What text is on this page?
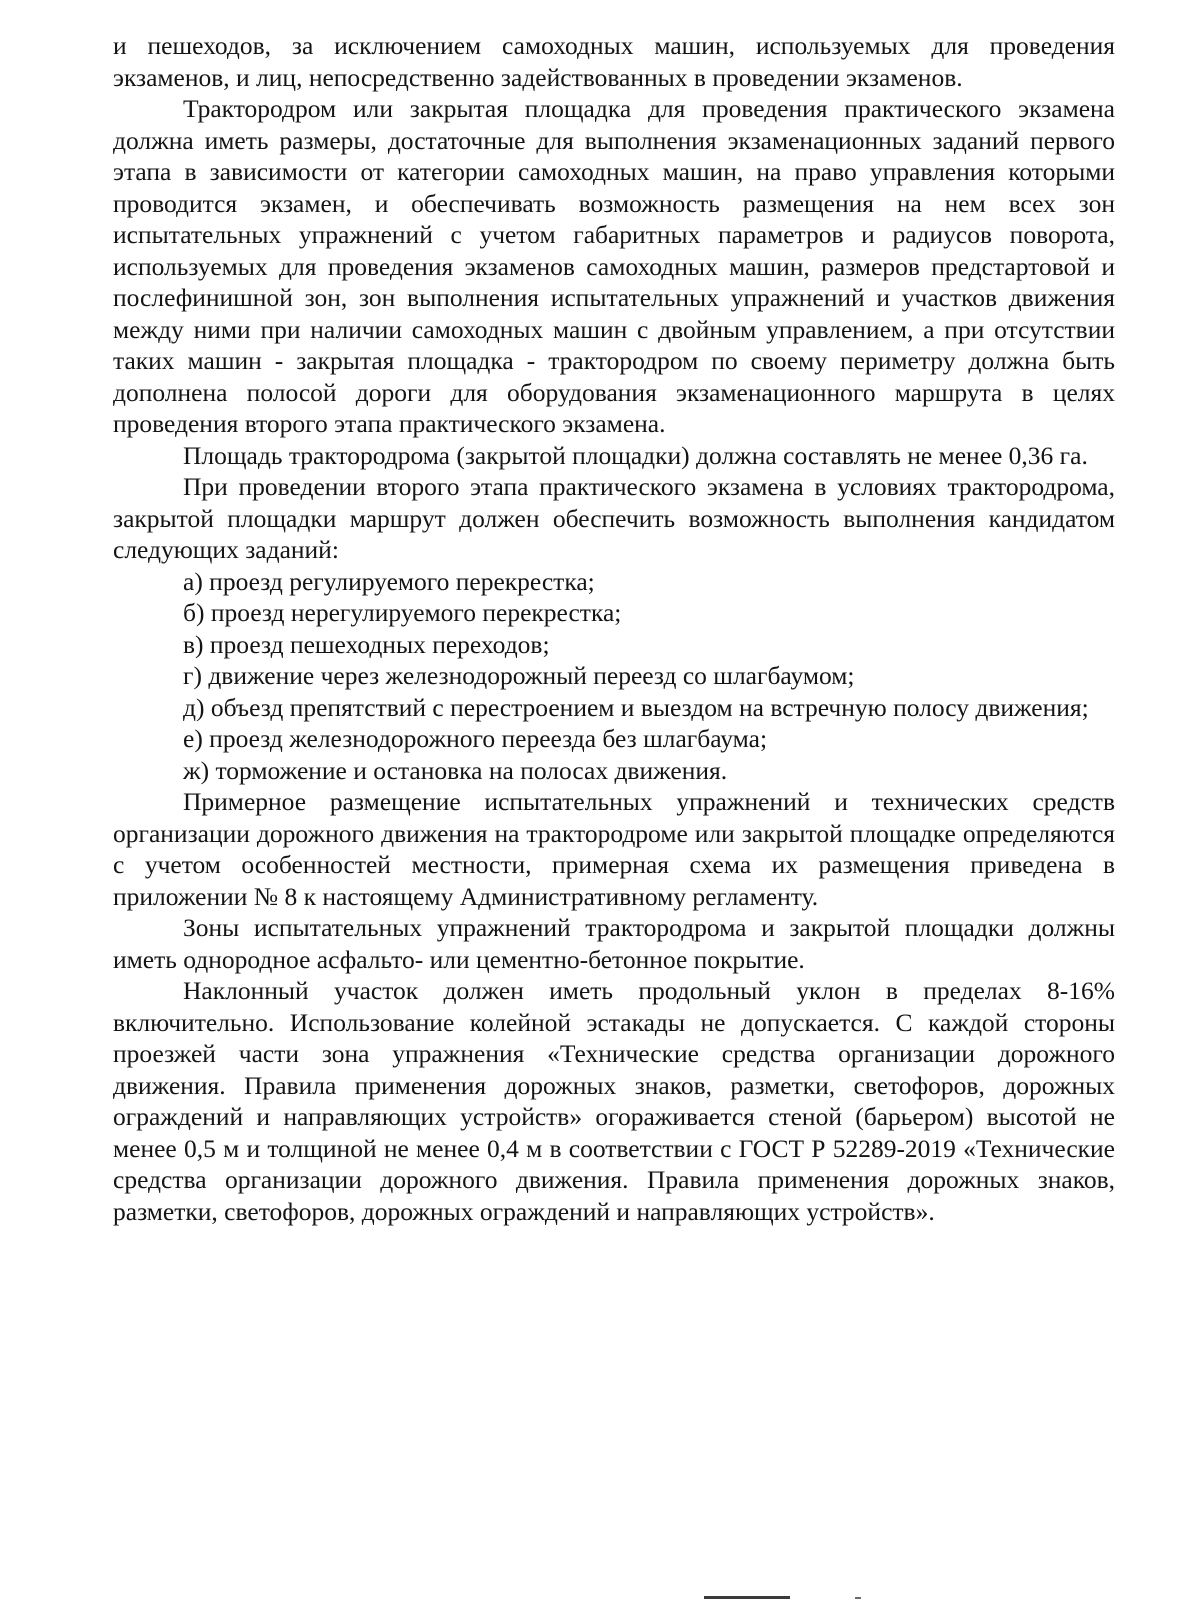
и пешеходов, за исключением самоходных машин, используемых для проведения экзаменов, и лиц, непосредственно задействованных в проведении экзаменов.

Трактородром или закрытая площадка для проведения практического экзамена должна иметь размеры, достаточные для выполнения экзаменационных заданий первого этапа в зависимости от категории самоходных машин, на право управления которыми проводится экзамен, и обеспечивать возможность размещения на нем всех зон испытательных упражнений с учетом габаритных параметров и радиусов поворота, используемых для проведения экзаменов самоходных машин, размеров предстартовой и послефинишной зон, зон выполнения испытательных упражнений и участков движения между ними при наличии самоходных машин с двойным управлением, а при отсутствии таких машин - закрытая площадка - трактородром по своему периметру должна быть дополнена полосой дороги для оборудования экзаменационного маршрута в целях проведения второго этапа практического экзамена.

Площадь трактородрома (закрытой площадки) должна составлять не менее 0,36 га.

При проведении второго этапа практического экзамена в условиях трактородрома, закрытой площадки маршрут должен обеспечить возможность выполнения кандидатом следующих заданий:

а) проезд регулируемого перекрестка;

б) проезд нерегулируемого перекрестка;

в) проезд пешеходных переходов;

г) движение через железнодорожный переезд со шлагбаумом;

д) объезд препятствий с перестроением и выездом на встречную полосу движения;

е) проезд железнодорожного переезда без шлагбаума;

ж) торможение и остановка на полосах движения.

Примерное размещение испытательных упражнений и технических средств организации дорожного движения на трактородроме или закрытой площадке определяются с учетом особенностей местности, примерная схема их размещения приведена в приложении № 8 к настоящему Административному регламенту.

Зоны испытательных упражнений трактородрома и закрытой площадки должны иметь однородное асфальто- или цементно-бетонное покрытие.

Наклонный участок должен иметь продольный уклон в пределах 8-16% включительно. Использование колейной эстакады не допускается. С каждой стороны проезжей части зона упражнения «Технические средства организации дорожного движения. Правила применения дорожных знаков, разметки, светофоров, дорожных ограждений и направляющих устройств» огораживается стеной (барьером) высотой не менее 0,5 м и толщиной не менее 0,4 м в соответствии с ГОСТ Р 52289-2019 «Технические средства организации дорожного движения. Правила применения дорожных знаков, разметки, светофоров, дорожных ограждений и направляющих устройств».
